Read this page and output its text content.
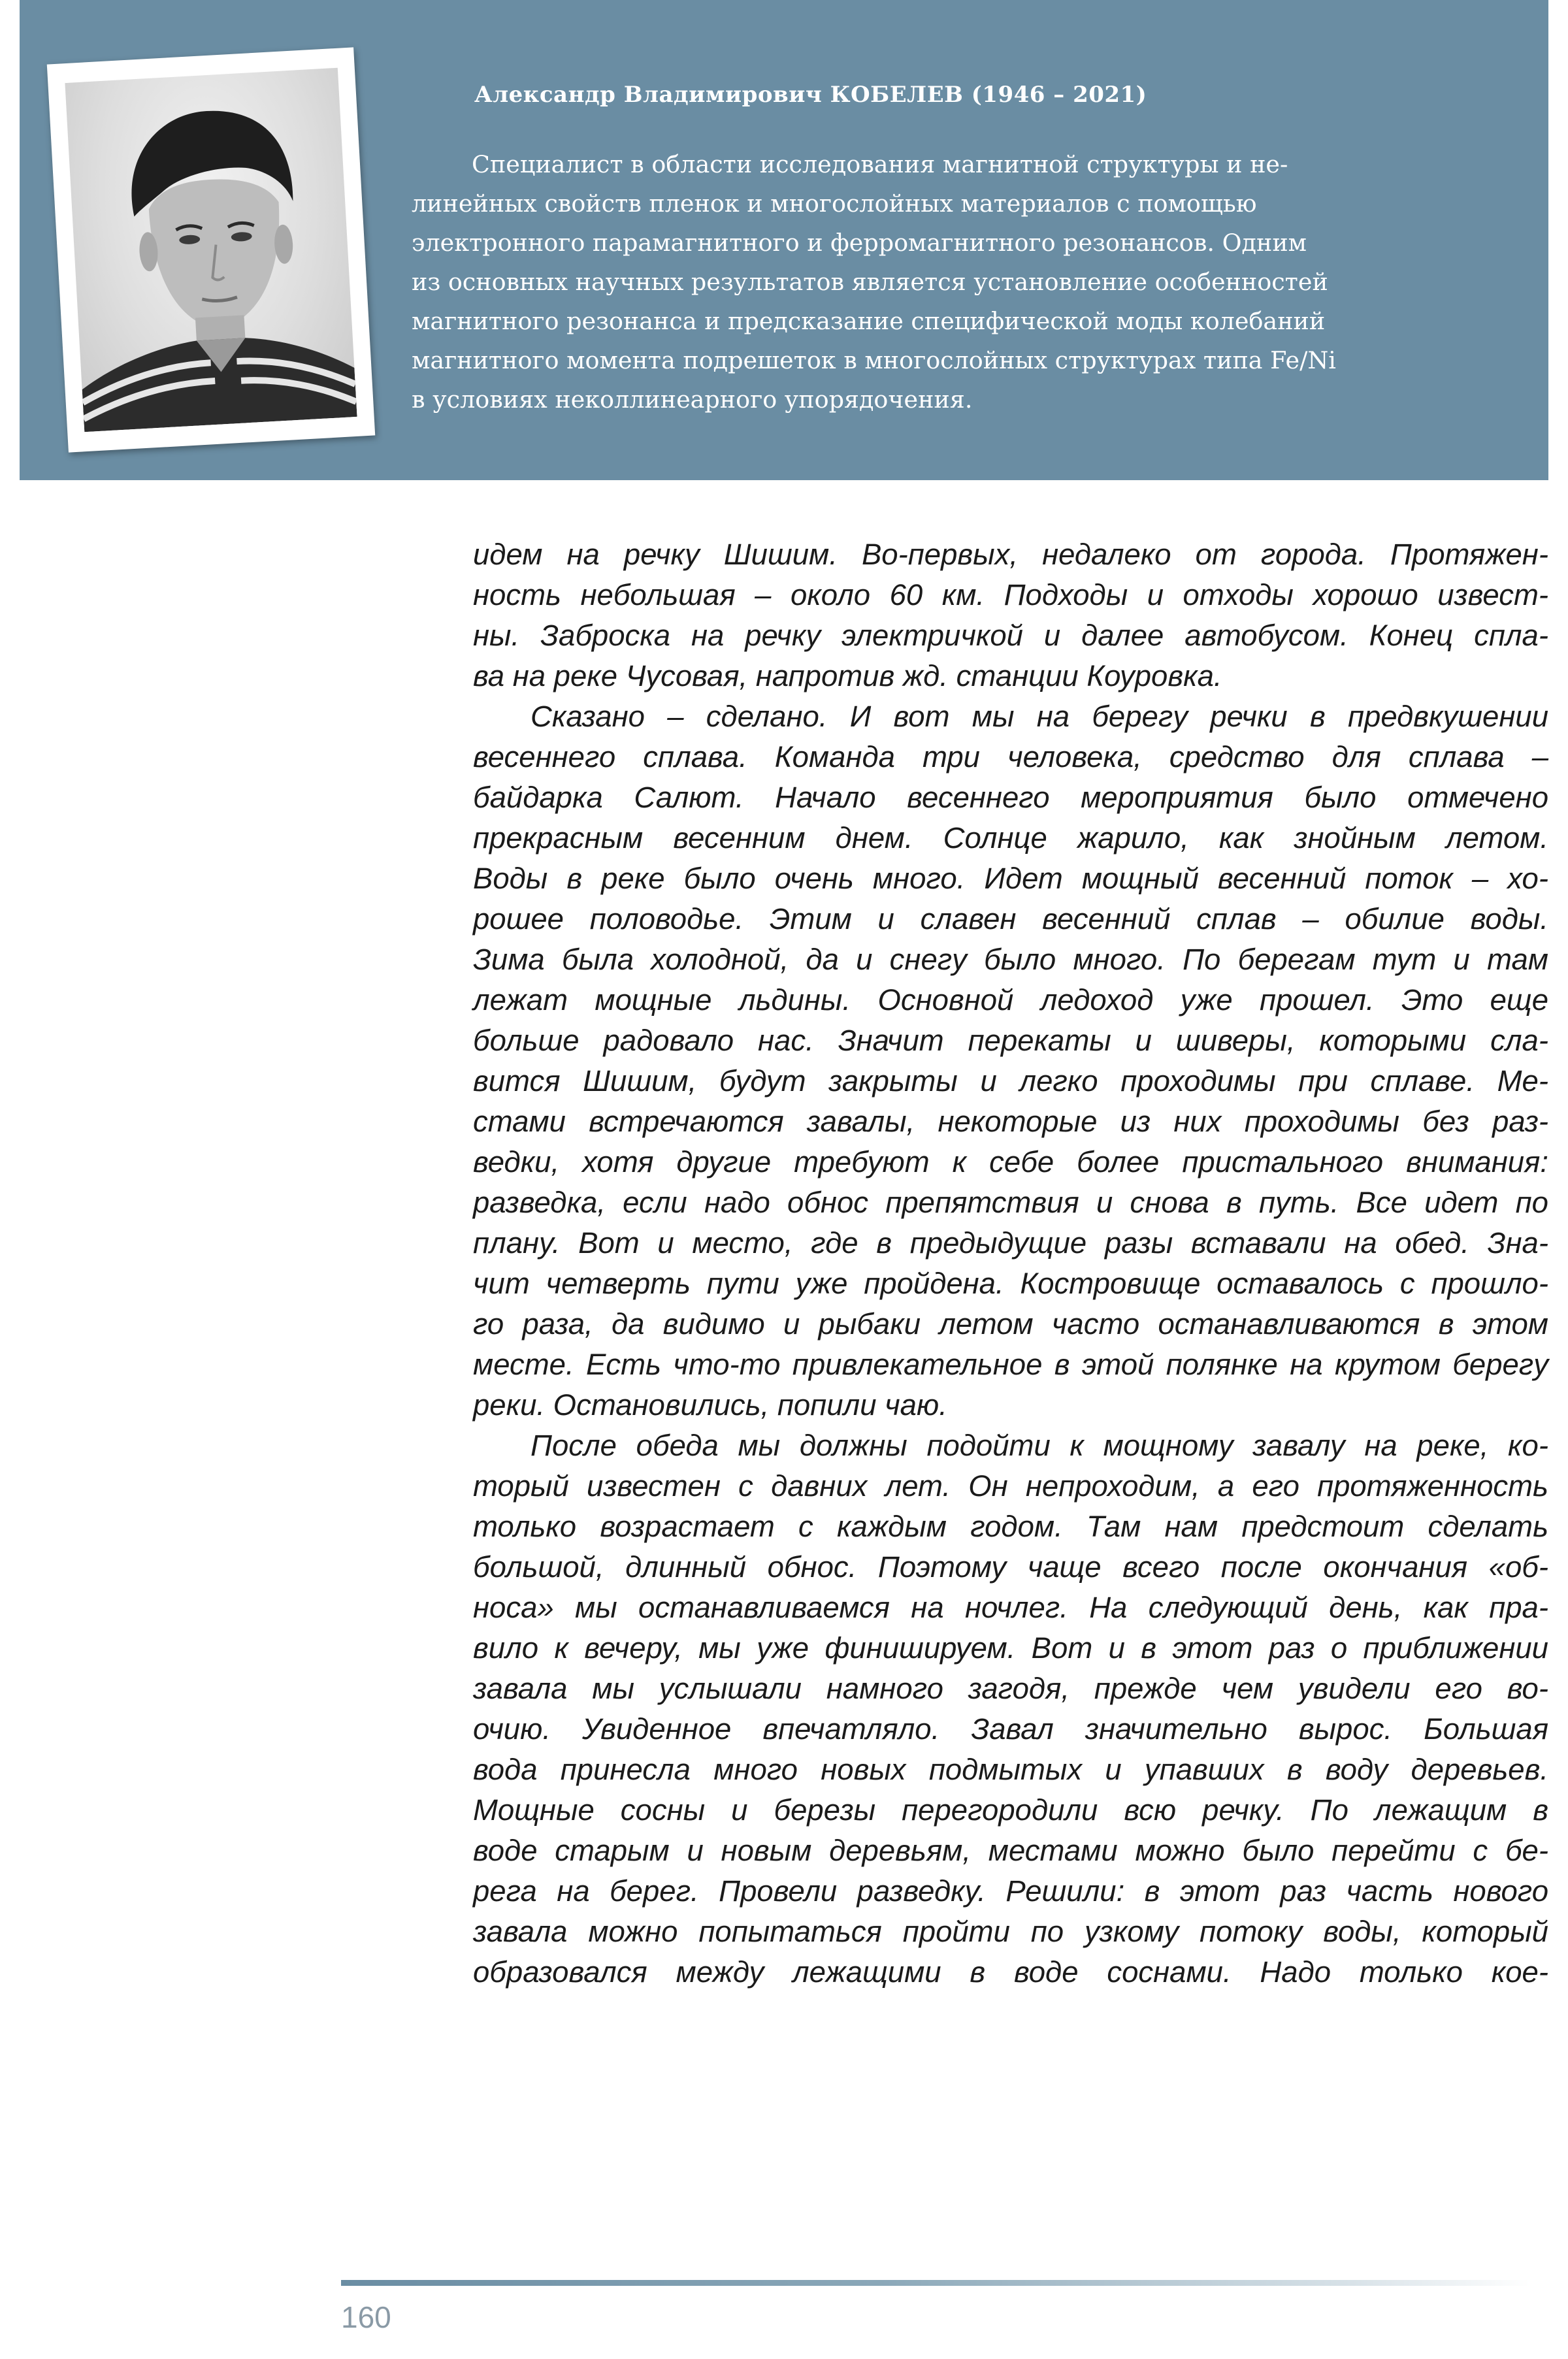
Александр Владимирович КОБЕЛЕВ (1946 – 2021)
Специалист в области исследования магнитной структуры и не-
линейных свойств пленок и многослойных материалов с помощью
электронного парамагнитного и ферромагнитного резонансов. Одним
из основных научных результатов является установление особенностей
магнитного резонанса и предсказание специфической моды колебаний
магнитного момента подрешеток в многослойных структурах типа Fe/Ni
в условиях неколлинеарного упорядочения.
идем на речку Шишим. Во-первых, недалеко от города. Протяжен-
ность небольшая – около 60 км. Подходы и отходы хорошо извест-
ны. Заброска на речку электричкой и далее автобусом. Конец спла-
ва на реке Чусовая, напротив жд. станции Коуровка.
Сказано – сделано. И вот мы на берегу речки в предвкушении
весеннего сплава. Команда три человека, средство для сплава –
байдарка Салют. Начало весеннего мероприятия было отмечено
прекрасным весенним днем. Солнце жарило, как знойным летом.
Воды в реке было очень много. Идет мощный весенний поток – хо-
рошее половодье. Этим и славен весенний сплав – обилие воды.
Зима была холодной, да и снегу было много. По берегам тут и там
лежат мощные льдины. Основной ледоход уже прошел. Это еще
больше радовало нас. Значит перекаты и шиверы, которыми сла-
вится Шишим, будут закрыты и легко проходимы при сплаве. Ме-
стами встречаются завалы, некоторые из них проходимы без раз-
ведки, хотя другие требуют к себе более пристального внимания:
разведка, если надо обнос препятствия и снова в путь. Все идет по
плану. Вот и место, где в предыдущие разы вставали на обед. Зна-
чит четверть пути уже пройдена. Костровище оставалось с прошло-
го раза, да видимо и рыбаки летом часто останавливаются в этом
месте. Есть что-то привлекательное в этой полянке на крутом берегу
реки. Остановились, попили чаю.
После обеда мы должны подойти к мощному завалу на реке, ко-
торый известен с давних лет. Он непроходим, а его протяженность
только возрастает с каждым годом. Там нам предстоит сделать
большой, длинный обнос. Поэтому чаще всего после окончания «об-
носа» мы останавливаемся на ночлег. На следующий день, как пра-
вило к вечеру, мы уже финишируем. Вот и в этот раз о приближении
завала мы услышали намного загодя, прежде чем увидели его во-
очию. Увиденное впечатляло. Завал значительно вырос. Большая
вода принесла много новых подмытых и упавших в воду деревьев.
Мощные сосны и березы перегородили всю речку. По лежащим в
воде старым и новым деревьям, местами можно было перейти с бе-
рега на берег. Провели разведку. Решили: в этот раз часть нового
завала можно попытаться пройти по узкому потоку воды, который
образовался между лежащими в воде соснами. Надо только кое-
160
